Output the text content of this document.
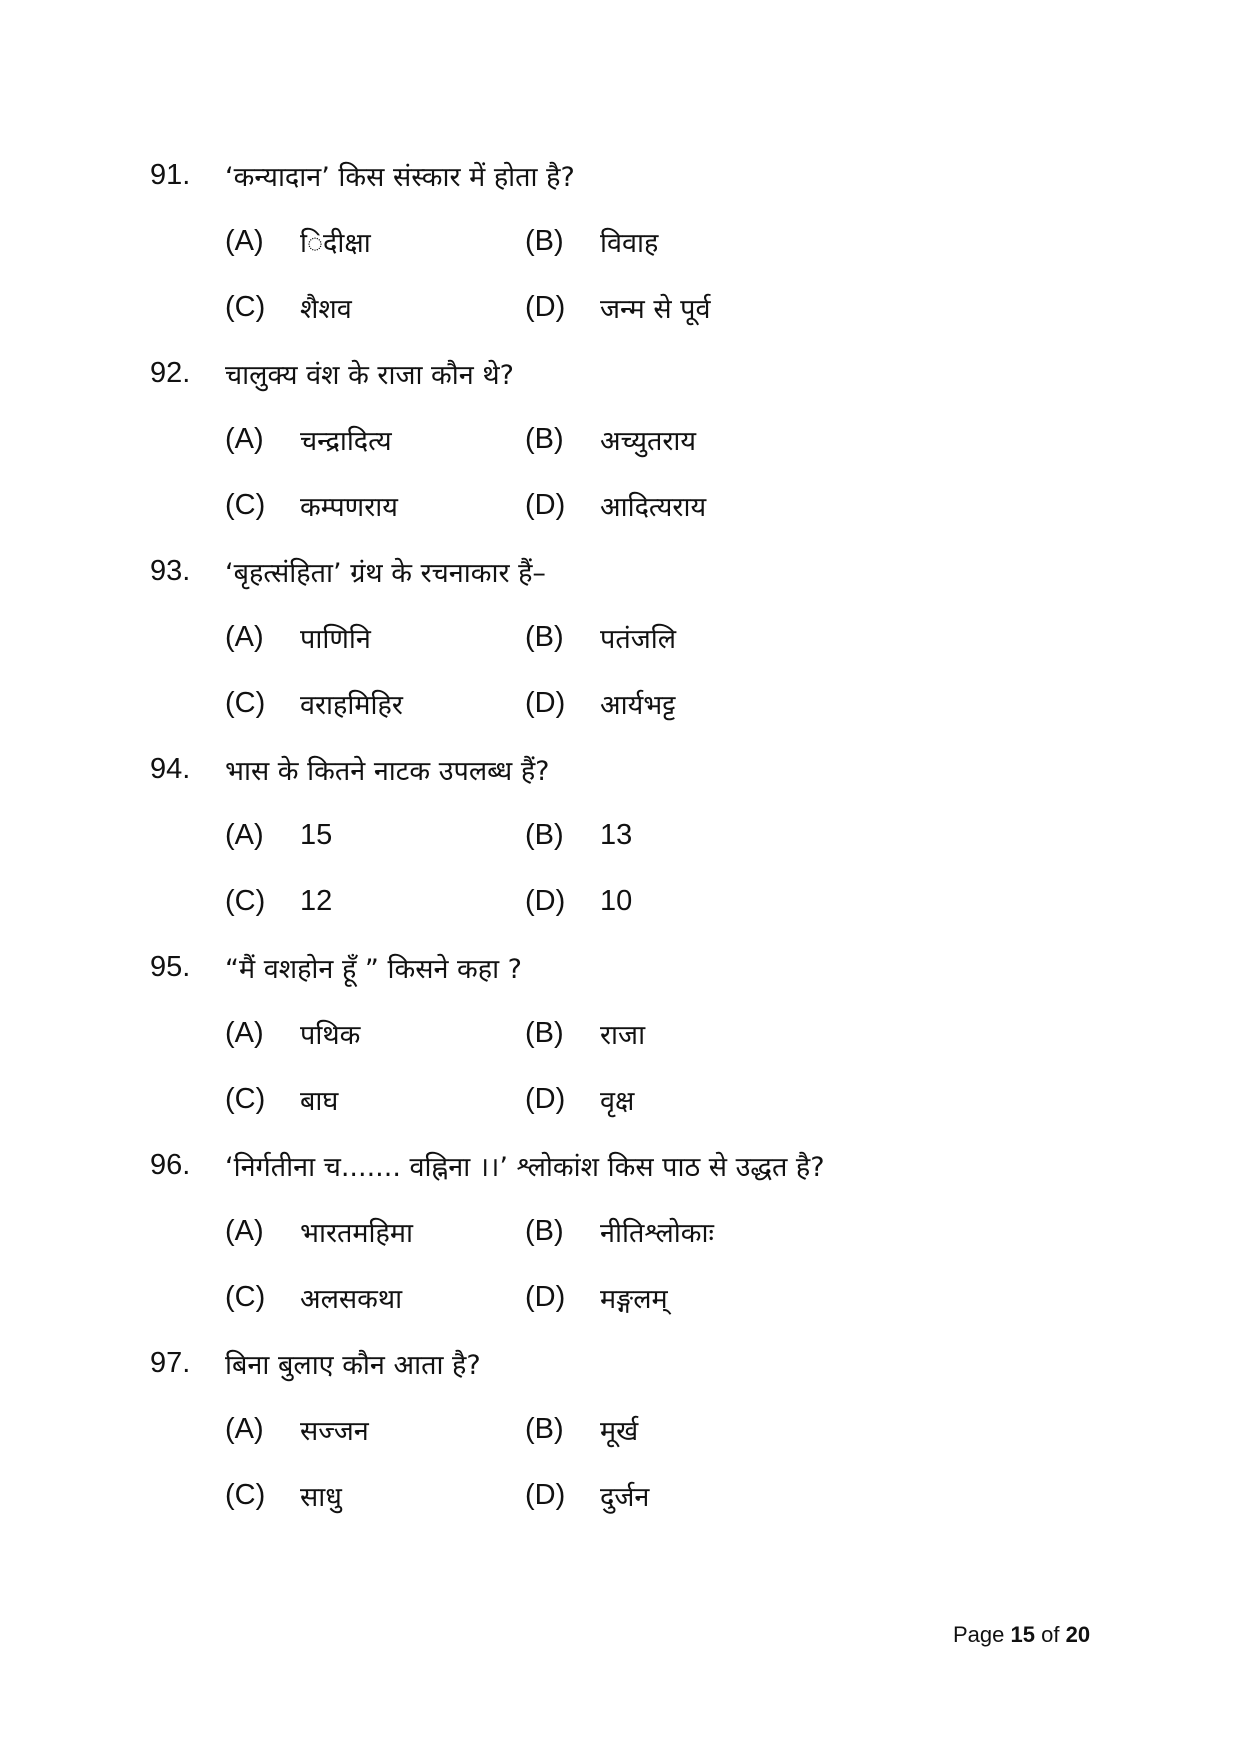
91.	‘कन्यादान’ किस संस्कार में होता है?
(A)	िदीक्षा	(B)	विवाह
(C)	शैशव	(D)	जन्म से पूर्व
92.	चालुक्य वंश के राजा कौन थे?
(A)	चन्द्रादित्य	(B)	अच्युतराय
(C)	कम्पणराय	(D)	आदित्यराय
93.	‘बृहत्संहिता’ ग्रंथ के रचनाकार हैं–
(A)	पाणिनि	(B)	पतंजलि
(C)	वराहमिहिर	(D)	आर्यभट्ट
94.	भास के कितने नाटक उपलब्ध हैं?
(A)	15	(B)	13
(C)	12	(D)	10
95.	“मैं वशहोन हूँ ” किसने कहा ?
(A)	पथिक	(B)	राजा
(C)	बाघ	(D)	वृक्ष
96.	‘निर्गतीना च....... वह्निना ।।’ श्लोकांश किस पाठ से उद्धत है?
(A)	भारतमहिमा	(B)	नीतिश्लोकाः
(C)	अलसकथा	(D)	मङ्गलम्
97.	बिना बुलाए कौन आता है?
(A)	सज्जन	(B)	मूर्ख
(C)	साधु	(D)	दुर्जन
Page 15 of 20
